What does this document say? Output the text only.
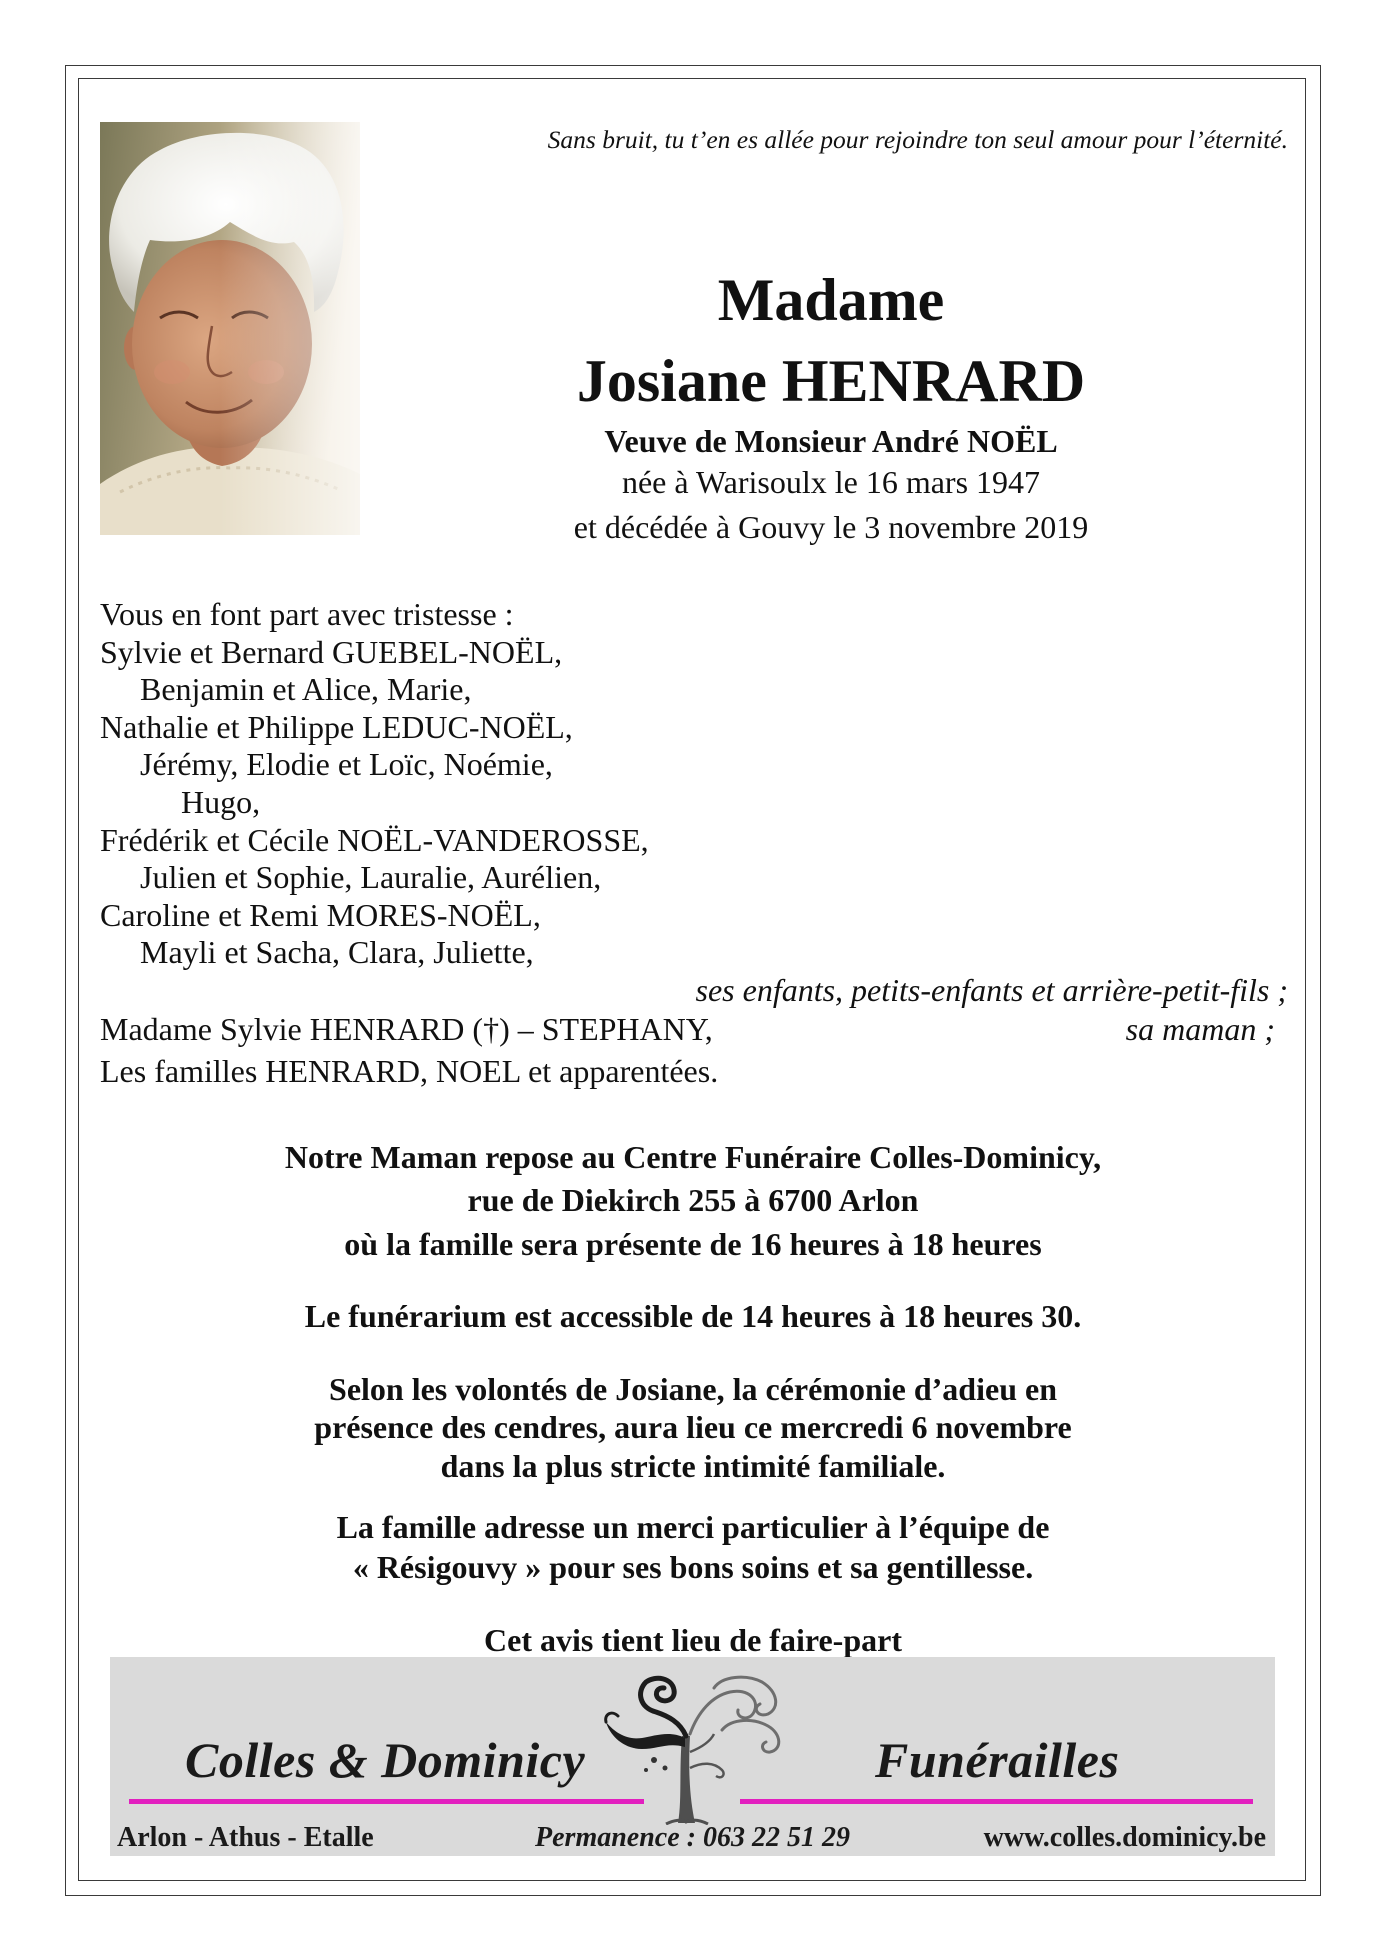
Sans bruit, tu t’en es allée pour rejoindre ton seul amour pour l’éternité.
Madame
Josiane HENRARD
Veuve de Monsieur André NOËL
née à Warisoulx le 16 mars 1947
et décédée à Gouvy le 3 novembre 2019
Vous en font part avec tristesse :
Sylvie et Bernard GUEBEL-NOËL,
Benjamin et Alice, Marie,
Nathalie et Philippe LEDUC-NOËL,
Jérémy, Elodie et Loïc, Noémie,
Hugo,
Frédérik et Cécile NOËL-VANDEROSSE,
Julien et Sophie, Lauralie, Aurélien,
Caroline et Remi MORES-NOËL,
Mayli et Sacha, Clara, Juliette,
ses enfants, petits-enfants et arrière-petit-fils ;
Madame Sylvie HENRARD (†) – STEPHANY,	sa maman ;
Les familles HENRARD, NOEL et apparentées.
Notre Maman repose au Centre Funéraire Colles-Dominicy,
rue de Diekirch 255 à 6700 Arlon
où la famille sera présente de 16 heures à 18 heures
Le funérarium est accessible de 14 heures à 18 heures 30.
Selon les volontés de Josiane, la cérémonie d’adieu en
présence des cendres, aura lieu ce mercredi 6 novembre
dans la plus stricte intimité familiale.
La famille adresse un merci particulier à l’équipe de
« Résigouvy » pour ses bons soins et sa gentillesse.
Cet avis tient lieu de faire-part
Colles & Dominicy	Funérailles
Arlon - Athus - Etalle	Permanence : 063 22 51 29	www.colles.dominicy.be
